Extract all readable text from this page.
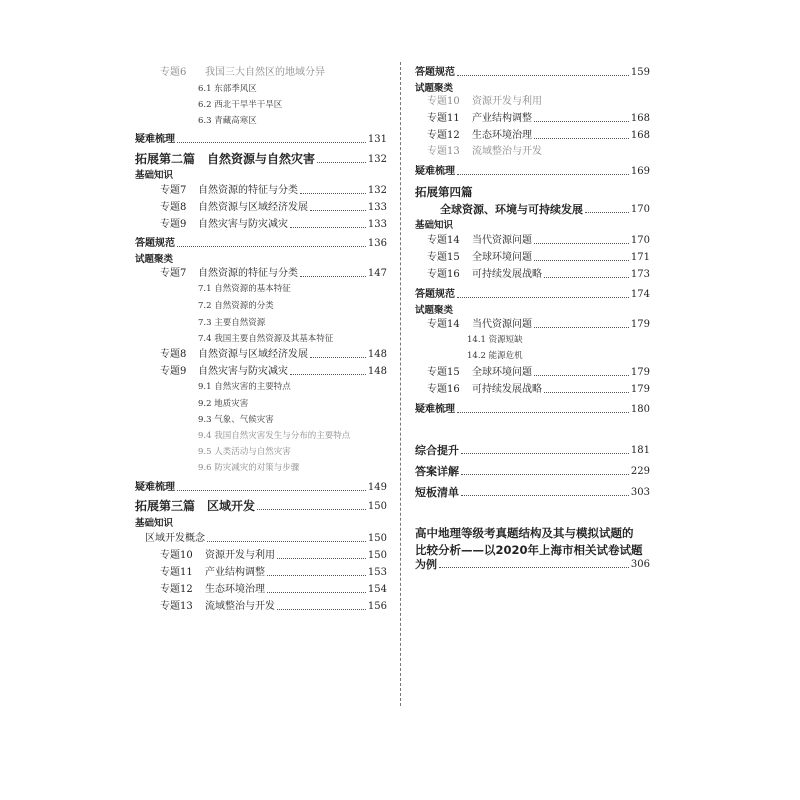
专题6 我国三大自然区的地域分异
6.1 东部季风区
6.2 西北干旱半干旱区
6.3 青藏高寒区
疑难梳理	131
拓展第二篇　自然资源与自然灾害	132
基础知识
专题7 自然资源的特征与分类	132
专题8 自然资源与区域经济发展	133
专题9 自然灾害与防灾减灾	133
答题规范	136
试题聚类
专题7 自然资源的特征与分类	147
7.1 自然资源的基本特征
7.2 自然资源的分类
7.3 主要自然资源
7.4 我国主要自然资源及其基本特征
专题8 自然资源与区域经济发展	148
专题9 自然灾害与防灾减灾	148
9.1 自然灾害的主要特点
9.2 地质灾害
9.3 气象、气候灾害
9.4 我国自然灾害发生与分布的主要特点
9.5 人类活动与自然灾害
9.6 防灾减灾的对策与步骤
疑难梳理	149
拓展第三篇　区域开发	150
基础知识
区域开发概念	150
专题10 资源开发与利用	150
专题11 产业结构调整	153
专题12 生态环境治理	154
专题13 流域整治与开发	156
答题规范	159
试题聚类
专题10 资源开发与利用
专题11 产业结构调整	168
专题12 生态环境治理	168
专题13 流域整治与开发
疑难梳理	169
拓展第四篇
全球资源、环境与可持续发展	170
基础知识
专题14 当代资源问题	170
专题15 全球环境问题	171
专题16 可持续发展战略	173
答题规范	174
试题聚类
专题14 当代资源问题	179
14.1 资源短缺
14.2 能源危机
专题15 全球环境问题	179
专题16 可持续发展战略	179
疑难梳理	180
综合提升	181
答案详解	229
短板清单	303
高中地理等级考真题结构及其与模拟试题的
比较分析——以2020年上海市相关试卷试题
为例	306
